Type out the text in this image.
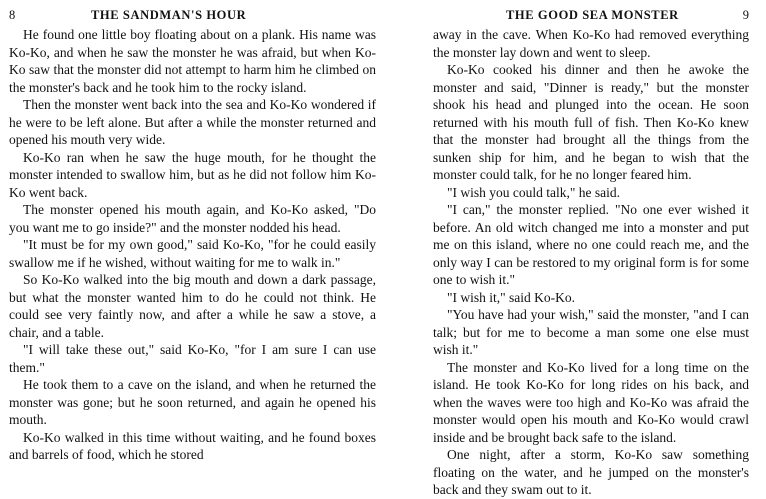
8	THE SANDMAN'S HOUR

He found one little boy floating about on a plank. His name was Ko-Ko, and when he saw the monster he was afraid, but when Ko-Ko saw that the monster did not attempt to harm him he climbed on the monster's back and he took him to the rocky island.

Then the monster went back into the sea and Ko-Ko wondered if he were to be left alone. But after a while the monster returned and opened his mouth very wide.

Ko-Ko ran when he saw the huge mouth, for he thought the monster intended to swallow him, but as he did not follow him Ko-Ko went back.

The monster opened his mouth again, and Ko-Ko asked, "Do you want me to go inside?" and the monster nodded his head.

"It must be for my own good," said Ko-Ko, "for he could easily swallow me if he wished, without waiting for me to walk in."

So Ko-Ko walked into the big mouth and down a dark passage, but what the monster wanted him to do he could not think. He could see very faintly now, and after a while he saw a stove, a chair, and a table.

"I will take these out," said Ko-Ko, "for I am sure I can use them."

He took them to a cave on the island, and when he returned the monster was gone; but he soon returned, and again he opened his mouth.

Ko-Ko walked in this time without waiting, and he found boxes and barrels of food, which he stored

THE GOOD SEA MONSTER	9

away in the cave. When Ko-Ko had removed everything the monster lay down and went to sleep.

Ko-Ko cooked his dinner and then he awoke the monster and said, "Dinner is ready," but the monster shook his head and plunged into the ocean. He soon returned with his mouth full of fish. Then Ko-Ko knew that the monster had brought all the things from the sunken ship for him, and he began to wish that the monster could talk, for he no longer feared him.

"I wish you could talk," he said.

"I can," the monster replied. "No one ever wished it before. An old witch changed me into a monster and put me on this island, where no one could reach me, and the only way I can be restored to my original form is for some one to wish it."

"I wish it," said Ko-Ko.

"You have had your wish," said the monster, "and I can talk; but for me to become a man some one else must wish it."

The monster and Ko-Ko lived for a long time on the island. He took Ko-Ko for long rides on his back, and when the waves were too high and Ko-Ko was afraid the monster would open his mouth and Ko-Ko would crawl inside and be brought back safe to the island.

One night, after a storm, Ko-Ko saw something floating on the water, and he jumped on the monster's back and they swam out to it.
